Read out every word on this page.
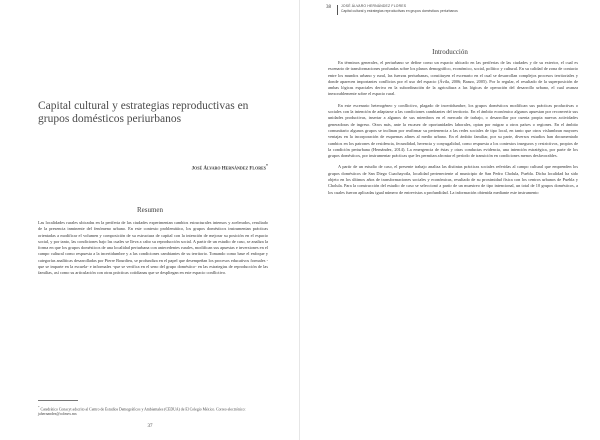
Capital cultural y estrategias reproductivas en grupos domésticos periurbanos
José Álvaro Hernández Flores*
Resumen

Las localidades rurales ubicadas en la periferia de las ciudades experimentan cambios estructurales intensos y acelerados, resultado de la presencia inminente del fenómeno urbano. En este contexto problemático, los grupos domésticos instrumentan prácticas orientadas a modificar el volumen y composición de su estructura de capital con la intención de mejorar su posición en el espacio social, y por tanto, las condiciones bajo las cuales se lleva a cabo su reproducción social. A partir de un estudio de caso, se analiza la forma en que los grupos domésticos de una localidad periurbana con antecedentes rurales, modifican sus apuestas e inversiones en el campo cultural como respuesta a la incertidumbre y a las condiciones cambiantes de su territorio. Tomando como base el enfoque y categorías analíticas desarrolladas por Pierre Bourdieu, se profundiza en el papel que desempeñan los procesos educativos formales -que se imparte en la escuela- e informales -que se verifica en el seno del grupo doméstico- en las estrategias de reproducción de las familias, así como su articulación con otras prácticas cotidianas que se despliegan en este espacio conflictivo.

* Catedrático Conacyt adscrito al Centro de Estudios Demográficos y Ambientales (CEDUA) de El Colegio México. Correo electrónico: jahernandez@colmex.mx
37
38	JOSÉ ÁLVARO HERNÁNDEZ FLORES
Capital cultural y estrategias reproductivas en grupos domésticos periurbanos
Introducción

En términos generales, el periurbano se define como un espacio ubicado en las periferias de las ciudades y de su exterior, el cual es escenario de transformaciones profundas sobre los planos demográfico, económico, social, político y cultural. En su calidad de zona de contacto entre los mundos urbano y rural, las fuerzas periurbanas, constituyen el escenario en el cual se desarrollan complejos procesos territoriales y donde aparecen importantes conflictos por el uso del espacio (Ávila, 2006; Banzo, 2005). Por lo regular, el resultado de la superposición de ambas lógicas espaciales deriva en la subordinación de la agricultura a las lógicas de operación del desarrollo urbano, el cual avanza inexorablemente sobre el espacio rural.

En este escenario heterogéneo y conflictivo, plagado de incertidumbre, los grupos domésticos modifican sus prácticas productivas o sociales con la intención de adaptarse a las condiciones cambiantes del territorio. En el ámbito económico algunos apuestan por reconvertir sus unidades productivas, insertar a algunos de sus miembros en el mercado de trabajo, o desarrollar por cuenta propia nuevas actividades generadoras de ingreso. Otros más, ante la escasez de oportunidades laborales, optan por migrar a otros países o regiones. En el ámbito comunitario algunos grupos se inclinan por reafirmar su pertenencia a las redes sociales de tipo local, en tanto que otros vislumbran mayores ventajas en la incorporación de esquemas afines al medio urbano. En el ámbito familiar, por su parte, diversos estudios han documentado cambios en los patrones de residencia, fecundidad, herencia y conyugalidad, como respuesta a los contextos inseguros y restrictivos, propios de la condición periurbana (Hernández, 2014). La emergencia de éstas y otras conductas evidencia, una intención estratégica, por parte de los grupos domésticos, por instrumentar prácticas que les permitan afrontar el período de transición en condiciones menos desfavorables.

A partir de un estudio de caso, el presente trabajo analiza las distintas prácticas sociales referidas al campo cultural que emprenden los grupos domésticos de San Diego Cuachayotla, localidad perteneciente al municipio de San Pedro Cholula, Puebla. Dicha localidad ha sido objeto en los últimos años de transformaciones sociales y económicas, resultado de su proximidad física con los centros urbanos de Puebla y Cholula. Para la construcción del estudio de caso se seleccionó a partir de un muestreo de tipo intencional, un total de 10 grupos domésticos, a los cuales fueron aplicadas igual número de entrevistas a profundidad. La información obtenida mediante este instrumento
